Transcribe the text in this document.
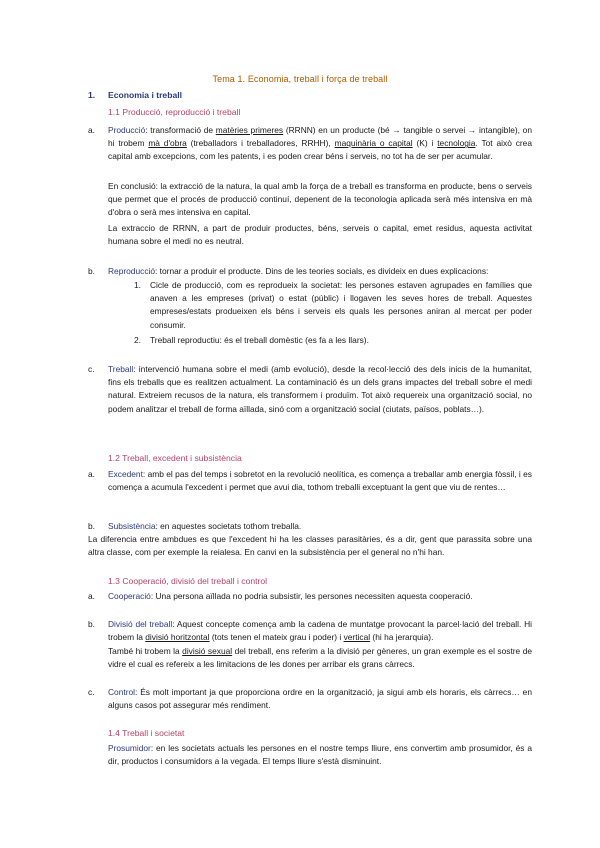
Tema 1. Economia, treball i força de treball
1. Economia i treball
1.1 Producció, reproducció i treball
a. Producció: transformació de matèries primeres (RRNN) en un producte (bé → tangible o servei → intangible), on hi trobem mà d'obra (treballadors i treballadores, RRHH), maquinària o capital (K) i tecnologia. Tot això crea capital amb excepcions, com les patents, i es poden crear béns i serveis, no tot ha de ser per acumular.
En conclusió: la extracció de la natura, la qual amb la força de a treball es transforma en producte, bens o serveis que permet que el procés de producció continuí, depenent de la teconologia aplicada serà més intensiva en mà d'obra o serà mes intensiva en capital.
La extraccio de RRNN, a part de produir productes, béns, serveis o capital, emet residus, aquesta activitat humana sobre el medi no es neutral.
b. Reproducció: tornar a produir el producte. Dins de les teories socials, es divideix en dues explicacions:
1. Cicle de producció, com es reprodueix la societat: les persones estaven agrupades en famílies que anaven a les empreses (privat) o estat (públic) i llogaven les seves hores de treball. Aquestes empreses/estats produeixen els béns i serveis els quals les persones aniran al mercat per poder consumir.
2. Treball reproductiu: és el treball domèstic (es fa a les llars).
c. Treball: intervenció humana sobre el medi (amb evolució), desde la recol·lecció des dels inicis de la humanitat, fins els treballs que es realitzen actualment. La contaminació és un dels grans impactes del treball sobre el medi natural. Extreiem recusos de la natura, els transformem i produïm. Tot això requereix una organització social, no podem analitzar el treball de forma aïllada, sinó com a organització social (ciutats, països, poblats…).
1.2 Treball, excedent i subsistència
a. Excedent: amb el pas del temps i sobretot en la revolució neolítica, es comença a treballar amb energia fòssil, i es comença a acumula l'excedent i permet que avui dia, tothom treballi exceptuant la gent que viu de rentes…
b. Subsistència: en aquestes societats tothom treballa.
La diferencia entre ambdues es que l'excedent hi ha les classes parasitàries, és a dir, gent que parassita sobre una altra classe, com per exemple la reialesa. En canvi en la subsistència per el general no n'hi han.
1.3 Cooperació, divisió del treball i control
a. Cooperació: Una persona aïllada no podria subsistir, les persones necessiten aquesta cooperació.
b. Divisió del treball: Aquest concepte comença amb la cadena de muntatge provocant la parcel·lació del treball. Hi trobem la divisió horitzontal (tots tenen el mateix grau i poder) i vertical (hi ha jerarquia).
També hi trobem la divisió sexual del treball, ens referim a la divisió per gèneres, un gran exemple es el sostre de vidre el cual es refereix a les limitacions de les dones per arribar els grans càrrecs.
c. Control: És molt important ja que proporciona ordre en la organització, ja sigui amb els horaris, els càrrecs… en alguns casos pot assegurar més rendiment.
1.4 Treball i societat
Prosumidor: en les societats actuals les persones en el nostre temps lliure, ens convertim amb prosumidor, és a dir, productos i consumidors a la vegada. El temps lliure s'està disminuint.
